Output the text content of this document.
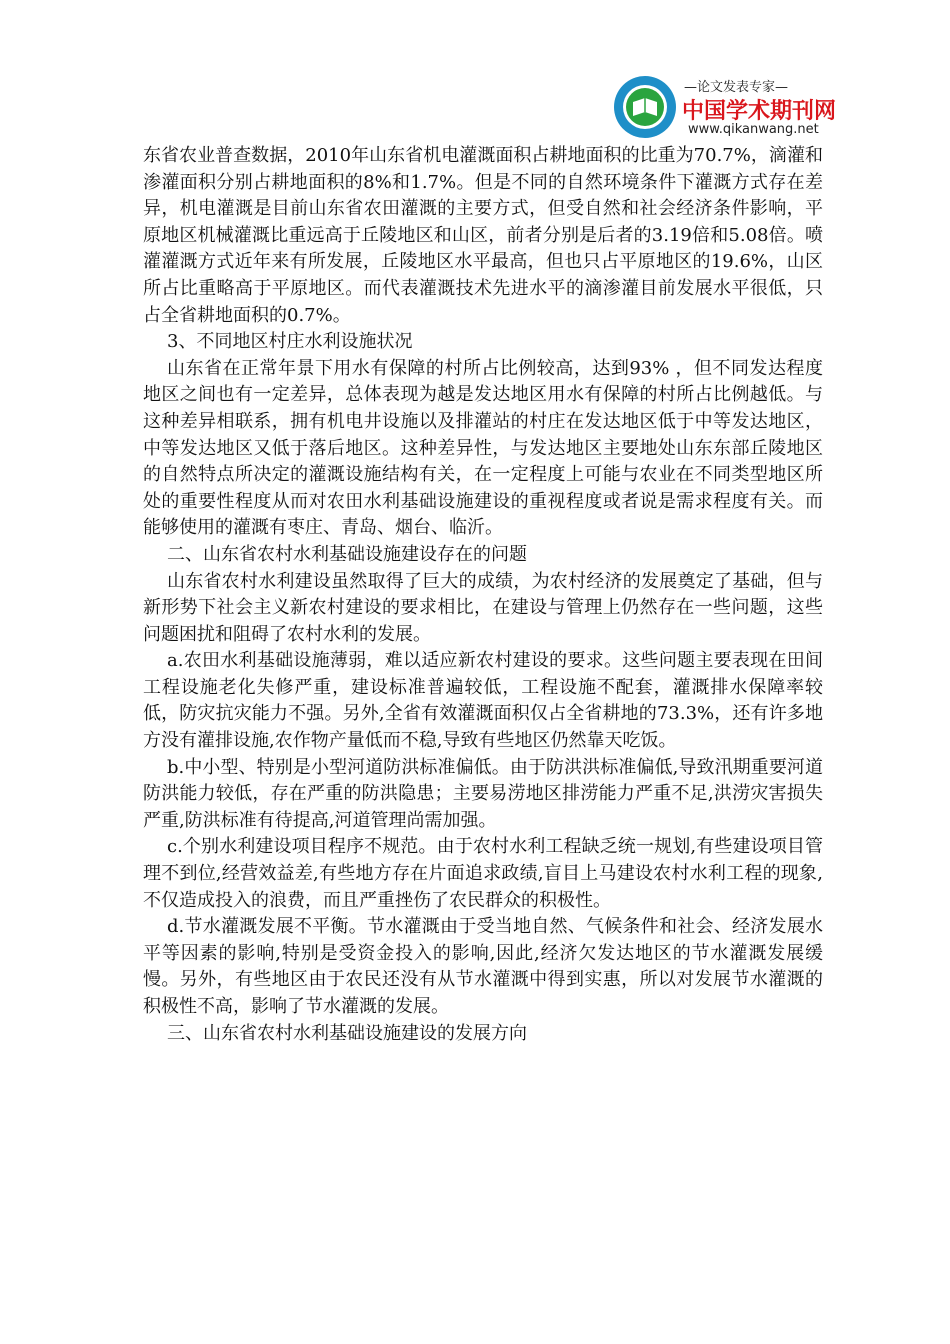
—论文发表专家—
中国学术期刊网
www.qikanwang.net

东省农业普查数据，2010年山东省机电灌溉面积占耕地面积的比重为70.7%，滴灌和渗灌面积分别占耕地面积的8%和1.7%。但是不同的自然环境条件下灌溉方式存在差异，机电灌溉是目前山东省农田灌溉的主要方式，但受自然和社会经济条件影响，平原地区机械灌溉比重远高于丘陵地区和山区，前者分别是后者的3.19倍和5.08倍。喷灌灌溉方式近年来有所发展，丘陵地区水平最高，但也只占平原地区的19.6%，山区所占比重略高于平原地区。而代表灌溉技术先进水平的滴渗灌目前发展水平很低，只占全省耕地面积的0.7%。

3、不同地区村庄水利设施状况

山东省在正常年景下用水有保障的村所占比例较高，达到93% ，但不同发达程度地区之间也有一定差异，总体表现为越是发达地区用水有保障的村所占比例越低。与这种差异相联系，拥有机电井设施以及排灌站的村庄在发达地区低于中等发达地区，中等发达地区又低于落后地区。这种差异性，与发达地区主要地处山东东部丘陵地区的自然特点所决定的灌溉设施结构有关，在一定程度上可能与农业在不同类型地区所处的重要性程度从而对农田水利基础设施建设的重视程度或者说是需求程度有关。而能够使用的灌溉有枣庄、青岛、烟台、临沂。

二、山东省农村水利基础设施建设存在的问题

山东省农村水利建设虽然取得了巨大的成绩，为农村经济的发展奠定了基础，但与新形势下社会主义新农村建设的要求相比，在建设与管理上仍然存在一些问题，这些问题困扰和阻碍了农村水利的发展。

a.农田水利基础设施薄弱，难以适应新农村建设的要求。这些问题主要表现在田间工程设施老化失修严重，建设标准普遍较低，工程设施不配套，灌溉排水保障率较低，防灾抗灾能力不强。另外,全省有效灌溉面积仅占全省耕地的73.3%，还有许多地方没有灌排设施,农作物产量低而不稳,导致有些地区仍然靠天吃饭。

b.中小型、特别是小型河道防洪标准偏低。由于防洪洪标准偏低,导致汛期重要河道防洪能力较低，存在严重的防洪隐患；主要易涝地区排涝能力严重不足,洪涝灾害损失严重,防洪标准有待提高,河道管理尚需加强。

c.个别水利建设项目程序不规范。由于农村水利工程缺乏统一规划,有些建设项目管理不到位,经营效益差,有些地方存在片面追求政绩,盲目上马建设农村水利工程的现象,不仅造成投入的浪费，而且严重挫伤了农民群众的积极性。

d.节水灌溉发展不平衡。节水灌溉由于受当地自然、气候条件和社会、经济发展水平等因素的影响,特别是受资金投入的影响,因此,经济欠发达地区的节水灌溉发展缓慢。另外，有些地区由于农民还没有从节水灌溉中得到实惠，所以对发展节水灌溉的积极性不高，影响了节水灌溉的发展。

三、山东省农村水利基础设施建设的发展方向
